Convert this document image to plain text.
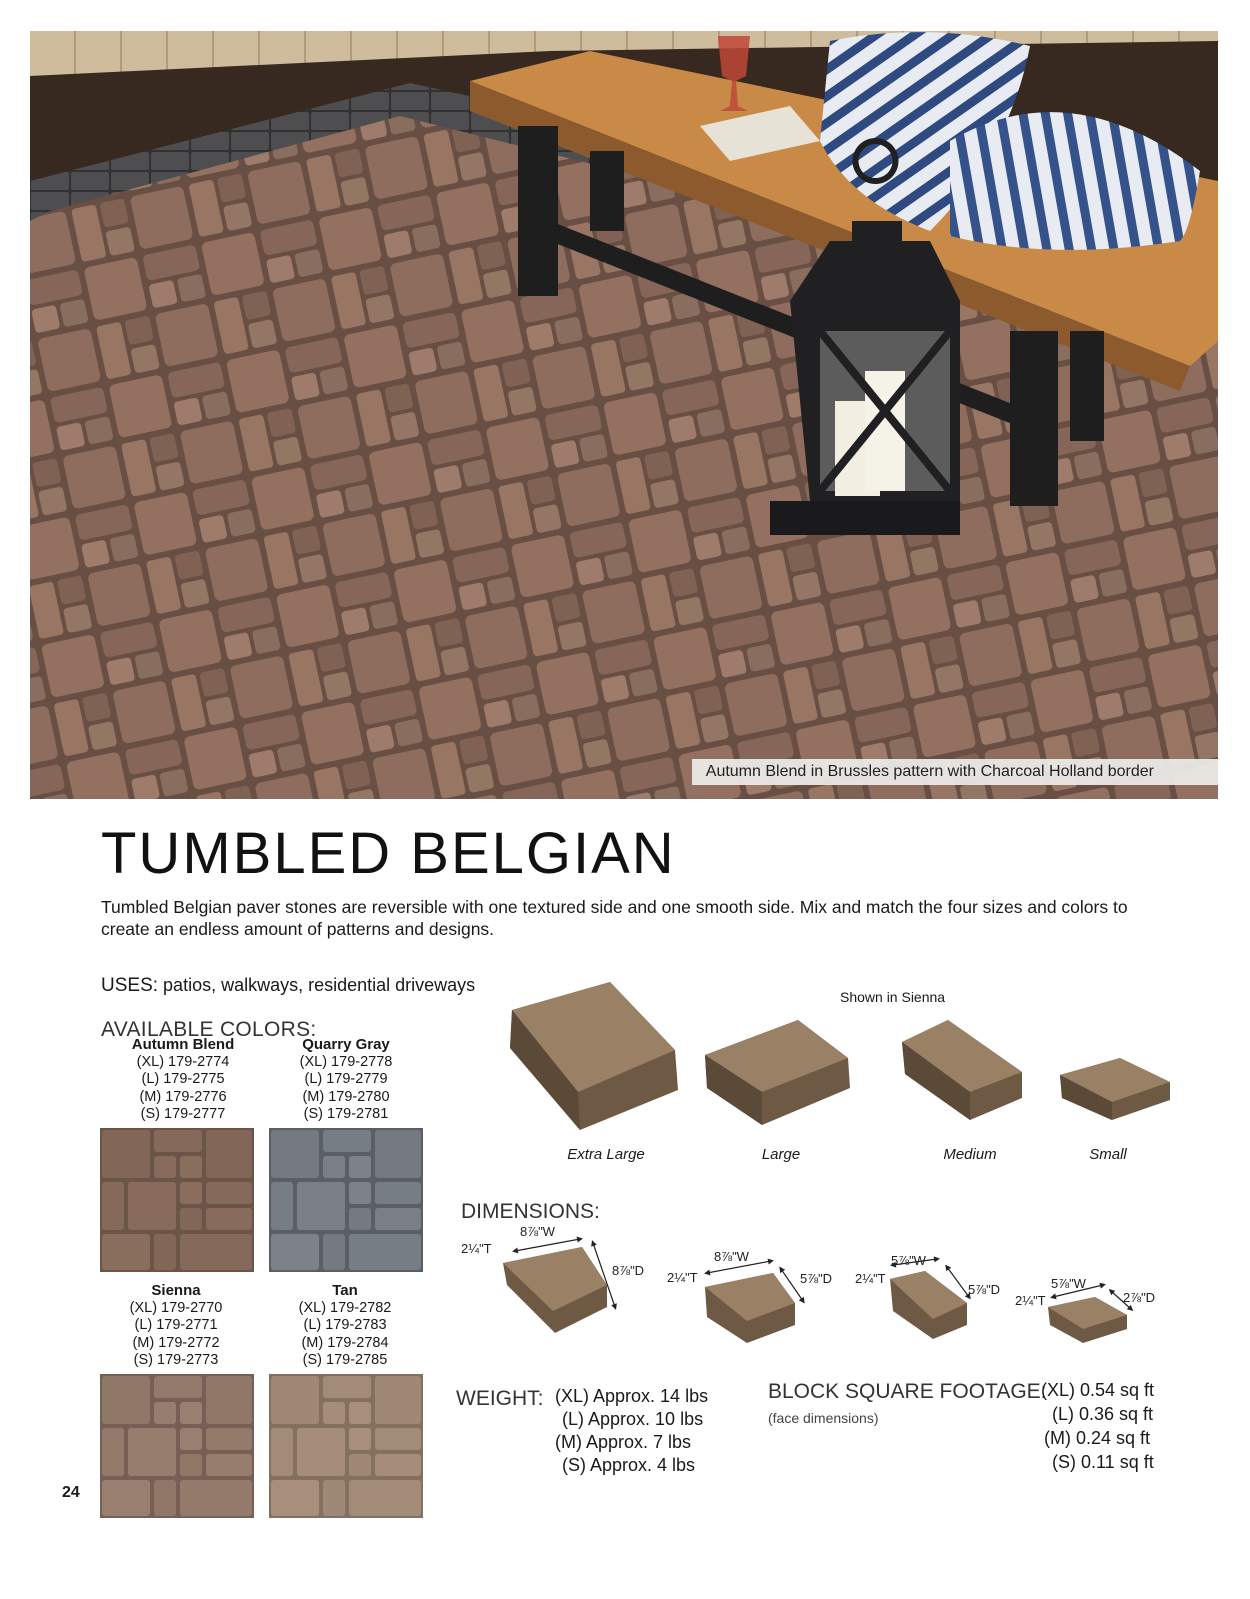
Autumn Blend in Brussles pattern with Charcoal Holland border
TUMBLED BELGIAN
Tumbled Belgian paver stones are reversible with one textured side and one smooth side. Mix and match the four sizes and colors to create an endless amount of patterns and designs.
USES: patios, walkways, residential driveways
AVAILABLE COLORS:
Autumn Blend
(XL) 179-2774
(L) 179-2775
(M) 179-2776
(S) 179-2777
Quarry Gray
(XL) 179-2778
(L) 179-2779
(M) 179-2780
(S) 179-2781
Sienna
(XL) 179-2770
(L) 179-2771
(M) 179-2772
(S) 179-2773
Tan
(XL) 179-2782
(L) 179-2783
(M) 179-2784
(S) 179-2785
24
Shown in Sienna
Extra Large	Large	Medium	Small
DIMENSIONS:
8⅞"W
2¼"T
8⅞"D
8⅞"W
2¼"T	5⅞"D
5⅞"W
2¼"T
5⅞"D	5⅞"W
2¼"T	2⅞"D
WEIGHT: (XL) Approx. 14 lbs
(L) Approx. 10 lbs
(M) Approx. 7 lbs
(S) Approx. 4 lbs
BLOCK SQUARE FOOTAGE:
(face dimensions)
(XL) 0.54 sq ft
(L) 0.36 sq ft
(M) 0.24 sq ft
(S) 0.11 sq ft
